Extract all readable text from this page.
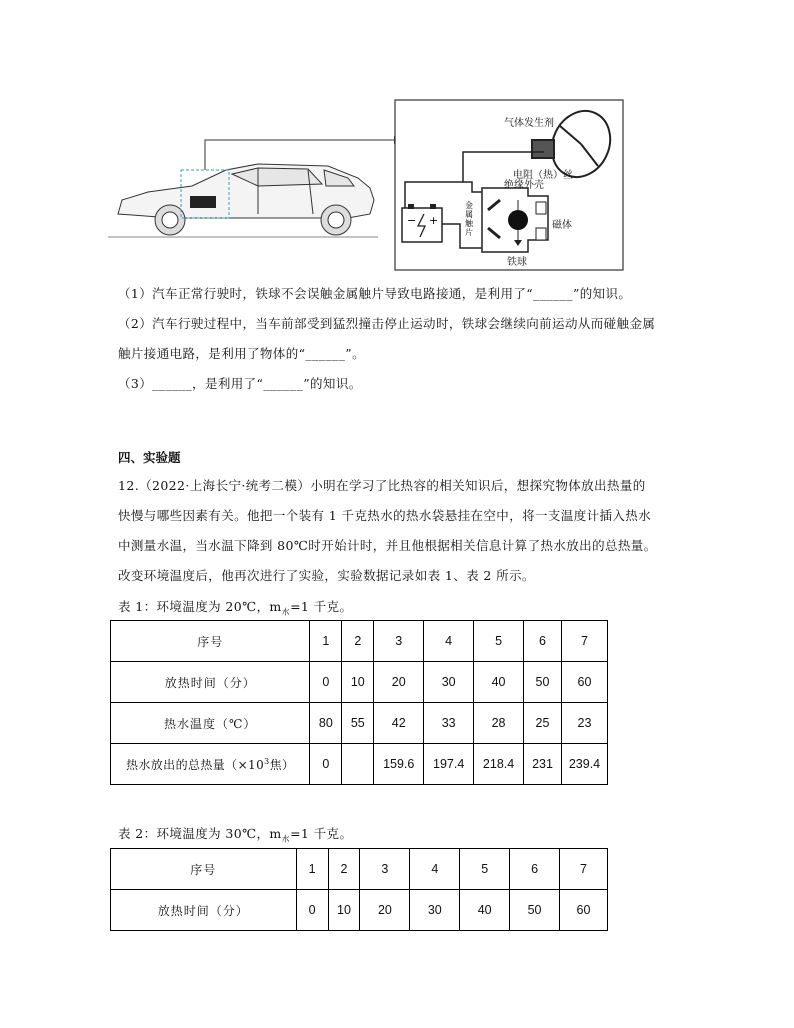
气体发生剂
电阻（热）丝
− +
绝缘外壳
磁体
铁球
金
属
触
片
（1）汽车正常行驶时，铁球不会误触金属触片导致电路接通，是利用了“______”的知识。
（2）汽车行驶过程中，当车前部受到猛烈撞击停止运动时，铁球会继续向前运动从而碰触金属
触片接通电路，是利用了物体的“______”。
（3）______，是利用了“______”的知识。
四、实验题
12.（2022·上海长宁·统考二模）小明在学习了比热容的相关知识后，想探究物体放出热量的
快慢与哪些因素有关。他把一个装有 1 千克热水的热水袋悬挂在空中，将一支温度计插入热水
中测量水温，当水温下降到 80℃时开始计时，并且他根据相关信息计算了热水放出的总热量。
改变环境温度后，他再次进行了实验，实验数据记录如表 1、表 2 所示。
表 1：环境温度为 20℃，$m_水=1$ 千克。
序号	1	2	3	4	5	6	7
放热时间（分）	0	10	20	30	40	50	60
热水温度（℃）	80	55	42	33	28	25	23
热水放出的总热量（$\times 10^3$焦）	0		159.6	197.4	218.4	231	239.4
表 2：环境温度为 30℃，$m_水=1$ 千克。
序号	1	2	3	4	5	6	7
放热时间（分）	0	10	20	30	40	50	60
